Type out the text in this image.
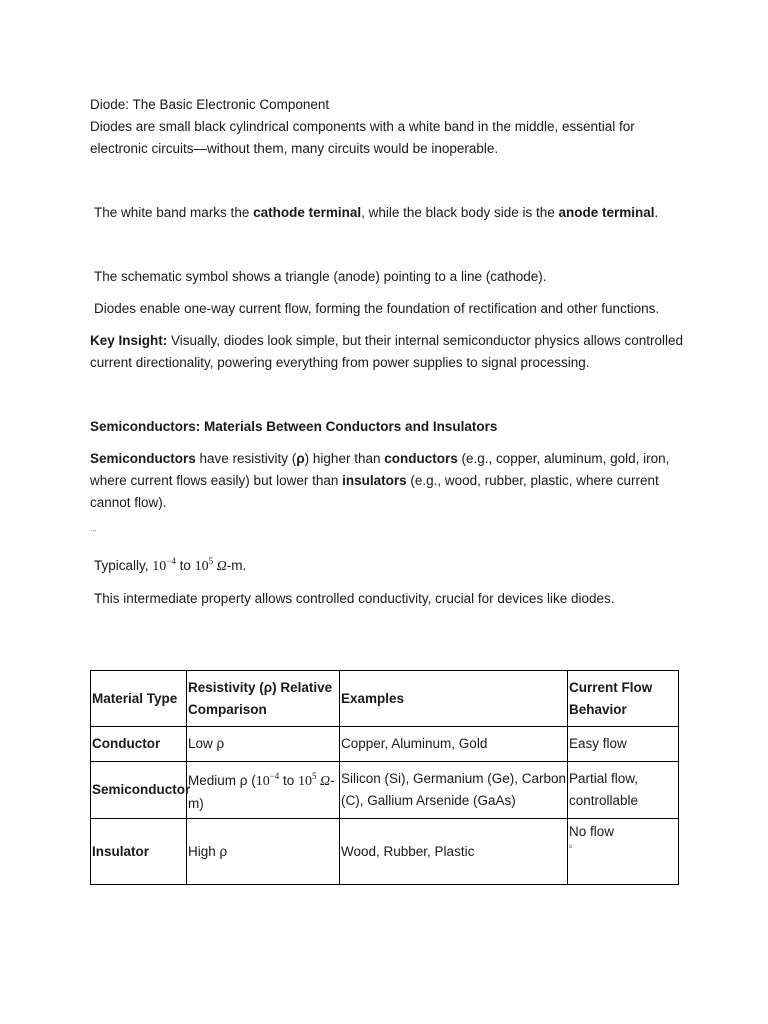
Diode: The Basic Electronic Component

Diodes are small black cylindrical components with a white band in the middle, essential for electronic circuits—without them, many circuits would be inoperable.

The white band marks the cathode terminal, while the black body side is the anode terminal.

The schematic symbol shows a triangle (anode) pointing to a line (cathode).

Diodes enable one-way current flow, forming the foundation of rectification and other functions.

Key Insight: Visually, diodes look simple, but their internal semiconductor physics allows controlled current directionality, powering everything from power supplies to signal processing.

Semiconductors: Materials Between Conductors and Insulators

Semiconductors have resistivity (ρ) higher than conductors (e.g., copper, aluminum, gold, iron, where current flows easily) but lower than insulators (e.g., wood, rubber, plastic, where current cannot flow).

...

Typically, $10^{-4}$ to $10^5$ Ω-m.

This intermediate property allows controlled conductivity, crucial for devices like diodes.

Material Type	Resistivity (ρ) Relative Comparison	Examples	Current Flow Behavior
Conductor	Low ρ	Copper, Aluminum, Gold	Easy flow
Semiconductor	Medium ρ ($10^{-4}$ to $10^5$ Ω-m)	Silicon (Si), Germanium (Ge), Carbon (C), Gallium Arsenide (GaAs)	Partial flow, controllable
Insulator	High ρ	Wood, Rubber, Plastic	No flow
s
